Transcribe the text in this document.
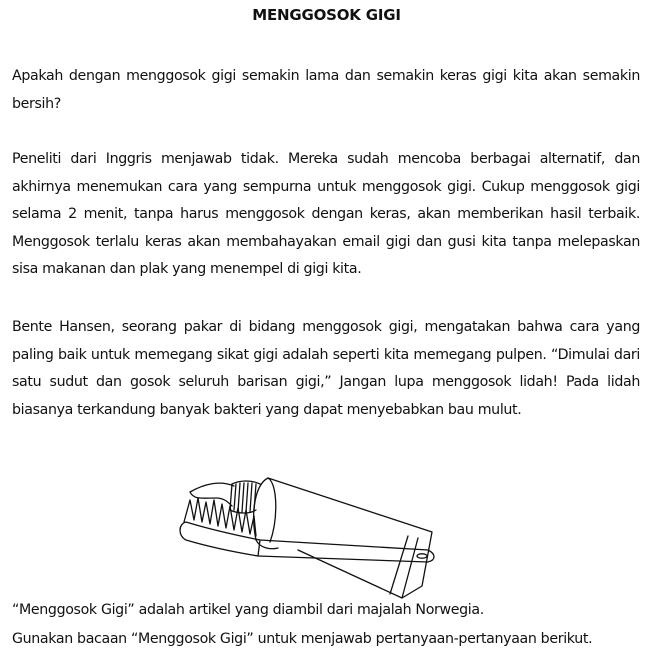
MENGGOSOK GIGI
Apakah dengan menggosok gigi semakin lama dan semakin keras gigi kita akan semakin bersih?
Peneliti dari Inggris menjawab tidak. Mereka sudah mencoba berbagai alternatif, dan akhirnya menemukan cara yang sempurna untuk menggosok gigi. Cukup menggosok gigi selama 2 menit, tanpa harus menggosok dengan keras, akan memberikan hasil terbaik. Menggosok terlalu keras akan membahayakan email gigi dan gusi kita tanpa melepaskan sisa makanan dan plak yang menempel di gigi kita.
Bente Hansen, seorang pakar di bidang menggosok gigi, mengatakan bahwa cara yang paling baik untuk memegang sikat gigi adalah seperti kita memegang pulpen. “Dimulai dari satu sudut dan gosok seluruh barisan gigi,” Jangan lupa menggosok lidah! Pada lidah biasanya terkandung banyak bakteri yang dapat menyebabkan bau mulut.
“Menggosok Gigi” adalah artikel yang diambil dari majalah Norwegia.
Gunakan bacaan “Menggosok Gigi” untuk menjawab pertanyaan-pertanyaan berikut.
